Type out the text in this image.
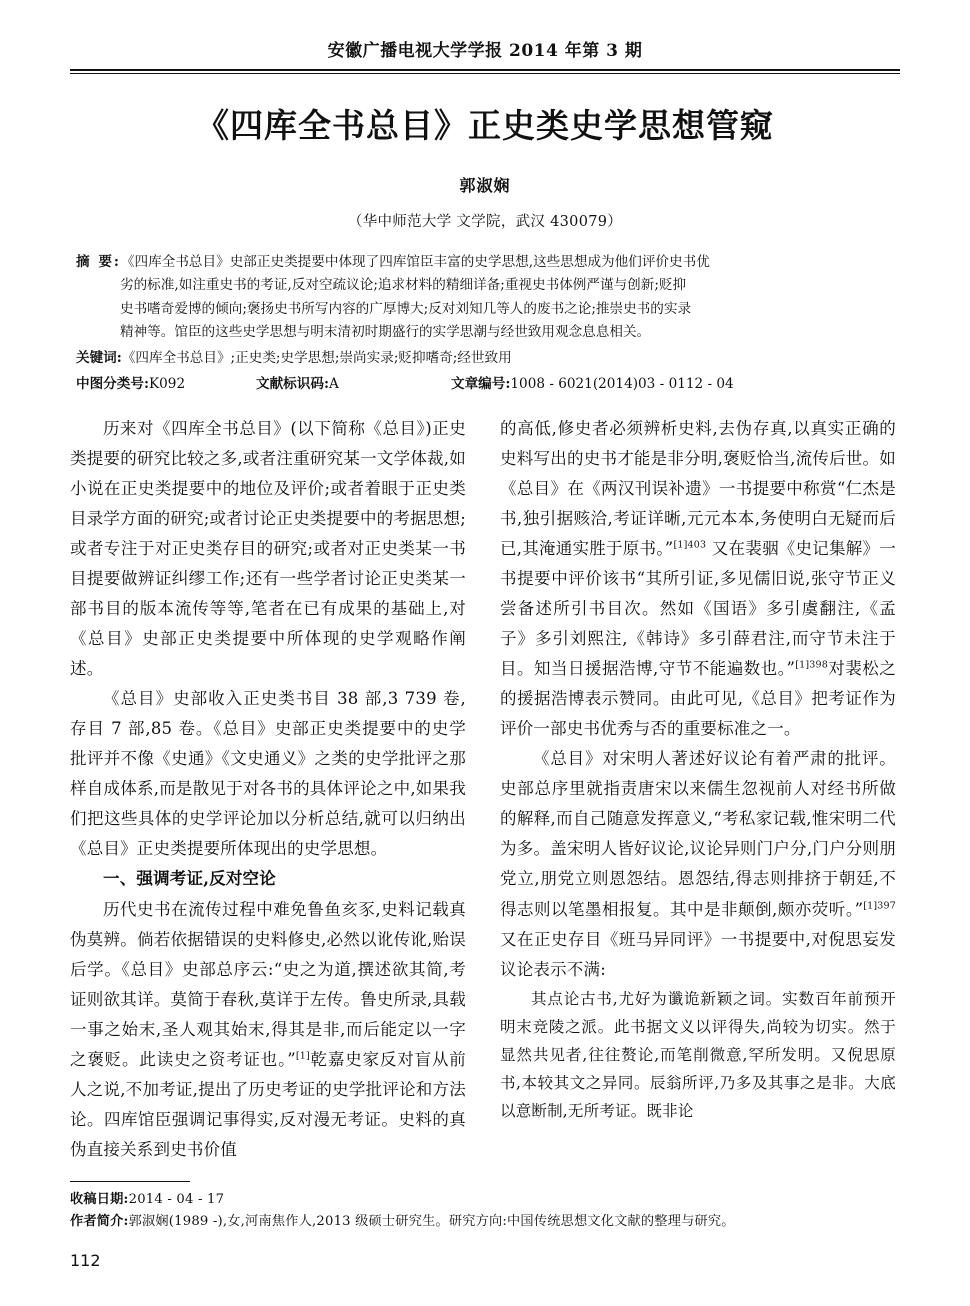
安徽广播电视大学学报 2014 年第 3 期
《四库全书总目》正史类史学思想管窥
郭淑娴
（华中师范大学 文学院，武汉 430079）
摘 要:《四库全书总目》史部正史类提要中体现了四库馆臣丰富的史学思想,这些思想成为他们评价史书优
劣的标准,如注重史书的考证,反对空疏议论;追求材料的精细详备;重视史书体例严谨与创新;贬抑
史书嗜奇爱博的倾向;褒扬史书所写内容的广厚博大;反对刘知几等人的废书之论;推崇史书的实录
精神等。馆臣的这些史学思想与明末清初时期盛行的实学思潮与经世致用观念息息相关。
关键词:《四库全书总目》;正史类;史学思想;崇尚实录;贬抑嗜奇;经世致用
中图分类号:K092	文献标识码:A	文章编号:1008 - 6021(2014)03 - 0112 - 04

历来对《四库全书总目》(以下简称《总目》)正史类提要的研究比较之多,或者注重研究某一文学体裁,如小说在正史类提要中的地位及评价;或者着眼于正史类目录学方面的研究;或者讨论正史类提要中的考据思想;或者专注于对正史类存目的研究;或者对正史类某一书目提要做辨证纠缪工作;还有一些学者讨论正史类某一部书目的版本流传等等,笔者在已有成果的基础上,对《总目》史部正史类提要中所体现的史学观略作阐述。

《总目》史部收入正史类书目 38 部,3 739 卷,存目 7 部,85 卷。《总目》史部正史类提要中的史学批评并不像《史通》《文史通义》之类的史学批评之那样自成体系,而是散见于对各书的具体评论之中,如果我们把这些具体的史学评论加以分析总结,就可以归纳出《总目》正史类提要所体现出的史学思想。

一、强调考证,反对空论

历代史书在流传过程中难免鲁鱼亥豕,史料记载真伪莫辨。倘若依据错误的史料修史,必然以讹传讹,贻误后学。《总目》史部总序云:“史之为道,撰述欲其简,考证则欲其详。莫简于春秋,莫详于左传。鲁史所录,具载一事之始末,圣人观其始末,得其是非,而后能定以一字之褒贬。此读史之资考证也。”[1]乾嘉史家反对盲从前人之说,不加考证,提出了历史考证的史学批评论和方法论。四库馆臣强调记事得实,反对漫无考证。史料的真伪直接关系到史书价值

的高低,修史者必须辨析史料,去伪存真,以真实正确的史料写出的史书才能是非分明,褒贬恰当,流传后世。如《总目》在《两汉刊误补遗》一书提要中称赏“仁杰是书,独引据赅洽,考证详晰,元元本本,务使明白无疑而后已,其淹通实胜于原书。”$^{[1]403}$ 又在裴骃《史记集解》一书提要中评价该书“其所引证,多见儒旧说,张守节正义尝备述所引书目次。然如《国语》多引虞翻注,《孟子》多引刘熙注,《韩诗》多引薛君注,而守节未注于目。知当日援据浩博,守节不能遍数也。”$^{[1]398}$对裴松之的援据浩博表示赞同。由此可见,《总目》把考证作为评价一部史书优秀与否的重要标准之一。

《总目》对宋明人著述好议论有着严肃的批评。史部总序里就指责唐宋以来儒生忽视前人对经书所做的解释,而自己随意发挥意义,“考私家记载,惟宋明二代为多。盖宋明人皆好议论,议论异则门户分,门户分则朋党立,朋党立则恩怨结。恩怨结,得志则排挤于朝廷,不得志则以笔墨相报复。其中是非颠倒,颇亦荧听。”$^{[1]397}$又在正史存目《班马异同评》一书提要中,对倪思妄发议论表示不满:

其点论古书,尤好为谶诡新颖之词。实数百年前预开明末竞陵之派。此书据文义以评得失,尚较为切实。然于显然共见者,往往赘论,而笔削微意,罕所发明。又倪思原书,本较其文之异同。辰翁所评,乃多及其事之是非。大底以意断制,无所考证。既非论

收稿日期:2014 - 04 - 17
作者简介:郭淑娴(1989 -),女,河南焦作人,2013 级硕士研究生。研究方向:中国传统思想文化文献的整理与研究。
112
